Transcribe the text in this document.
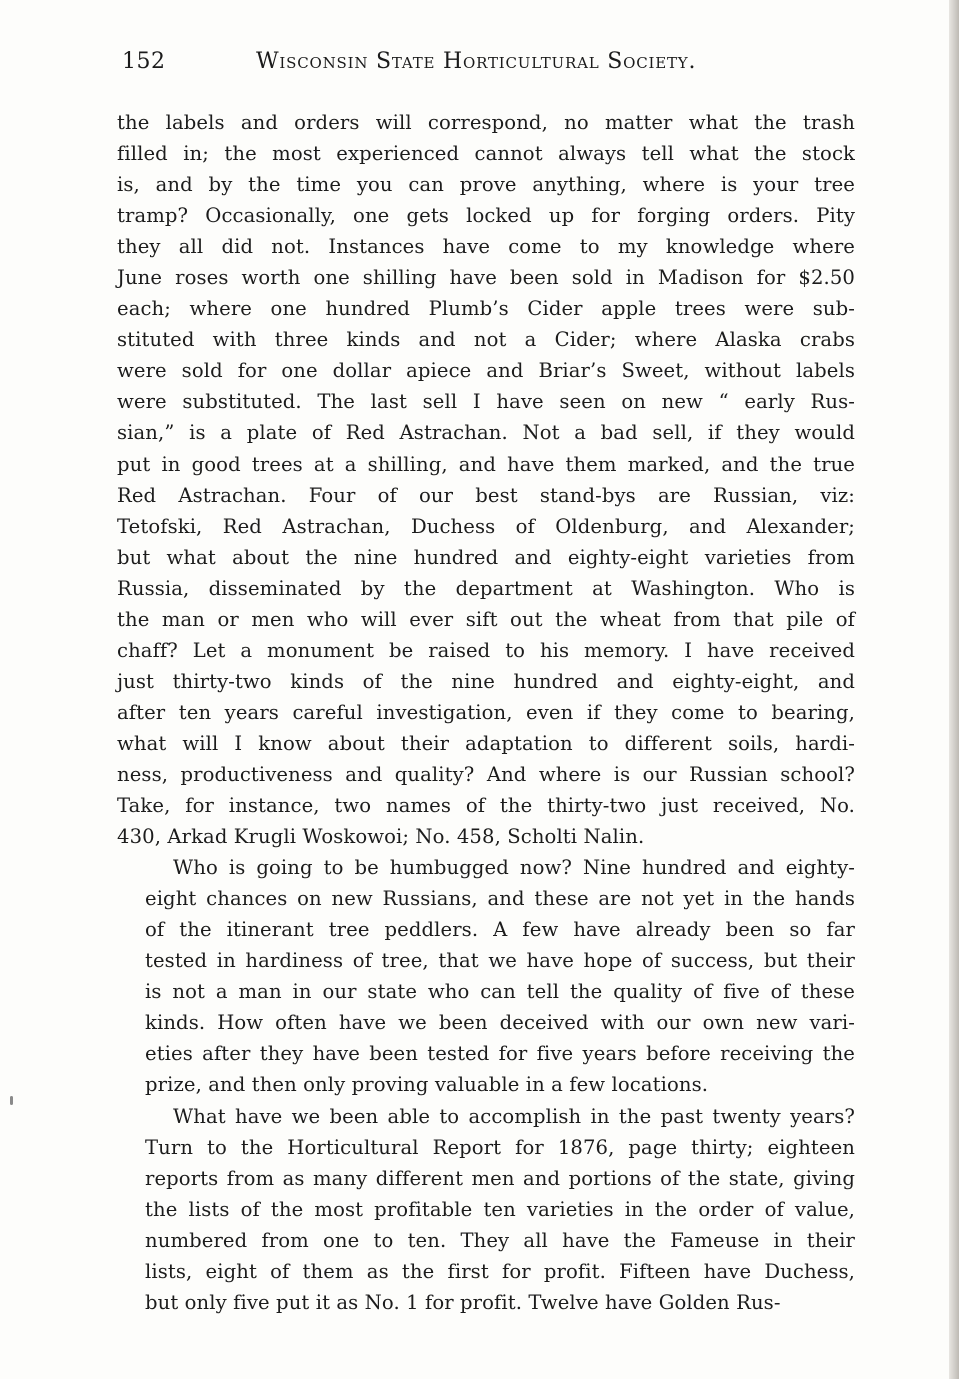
152	Wisconsin State Horticultural Society.

the labels and orders will correspond, no matter what the trash
filled in; the most experienced cannot always tell what the stock
is, and by the time you can prove anything, where is your tree
tramp? Occasionally, one gets locked up for forging orders. Pity
they all did not. Instances have come to my knowledge where
June roses worth one shilling have been sold in Madison for $2.50
each; where one hundred Plumb’s Cider apple trees were sub-
stituted with three kinds and not a Cider; where Alaska crabs
were sold for one dollar apiece and Briar’s Sweet, without labels
were substituted. The last sell I have seen on new “ early Rus-
sian,” is a plate of Red Astrachan. Not a bad sell, if they would
put in good trees at a shilling, and have them marked, and the true
Red Astrachan. Four of our best stand-bys are Russian, viz:
Tetofski, Red Astrachan, Duchess of Oldenburg, and Alexander;
but what about the nine hundred and eighty-eight varieties from
Russia, disseminated by the department at Washington. Who is
the man or men who will ever sift out the wheat from that pile of
chaff? Let a monument be raised to his memory. I have received
just thirty-two kinds of the nine hundred and eighty-eight, and
after ten years careful investigation, even if they come to bearing,
what will I know about their adaptation to different soils, hardi-
ness, productiveness and quality? And where is our Russian school?
Take, for instance, two names of the thirty-two just received, No.
430, Arkad Krugli Woskowoi; No. 458, Scholti Nalin.

Who is going to be humbugged now? Nine hundred and eighty-
eight chances on new Russians, and these are not yet in the hands
of the itinerant tree peddlers. A few have already been so far
tested in hardiness of tree, that we have hope of success, but their
is not a man in our state who can tell the quality of five of these
kinds. How often have we been deceived with our own new vari-
eties after they have been tested for five years before receiving the
prize, and then only proving valuable in a few locations.

What have we been able to accomplish in the past twenty years?
Turn to the Horticultural Report for 1876, page thirty; eighteen
reports from as many different men and portions of the state, giving
the lists of the most profitable ten varieties in the order of value,
numbered from one to ten. They all have the Fameuse in their
lists, eight of them as the first for profit. Fifteen have Duchess,
but only five put it as No. 1 for profit. Twelve have Golden Rus-
